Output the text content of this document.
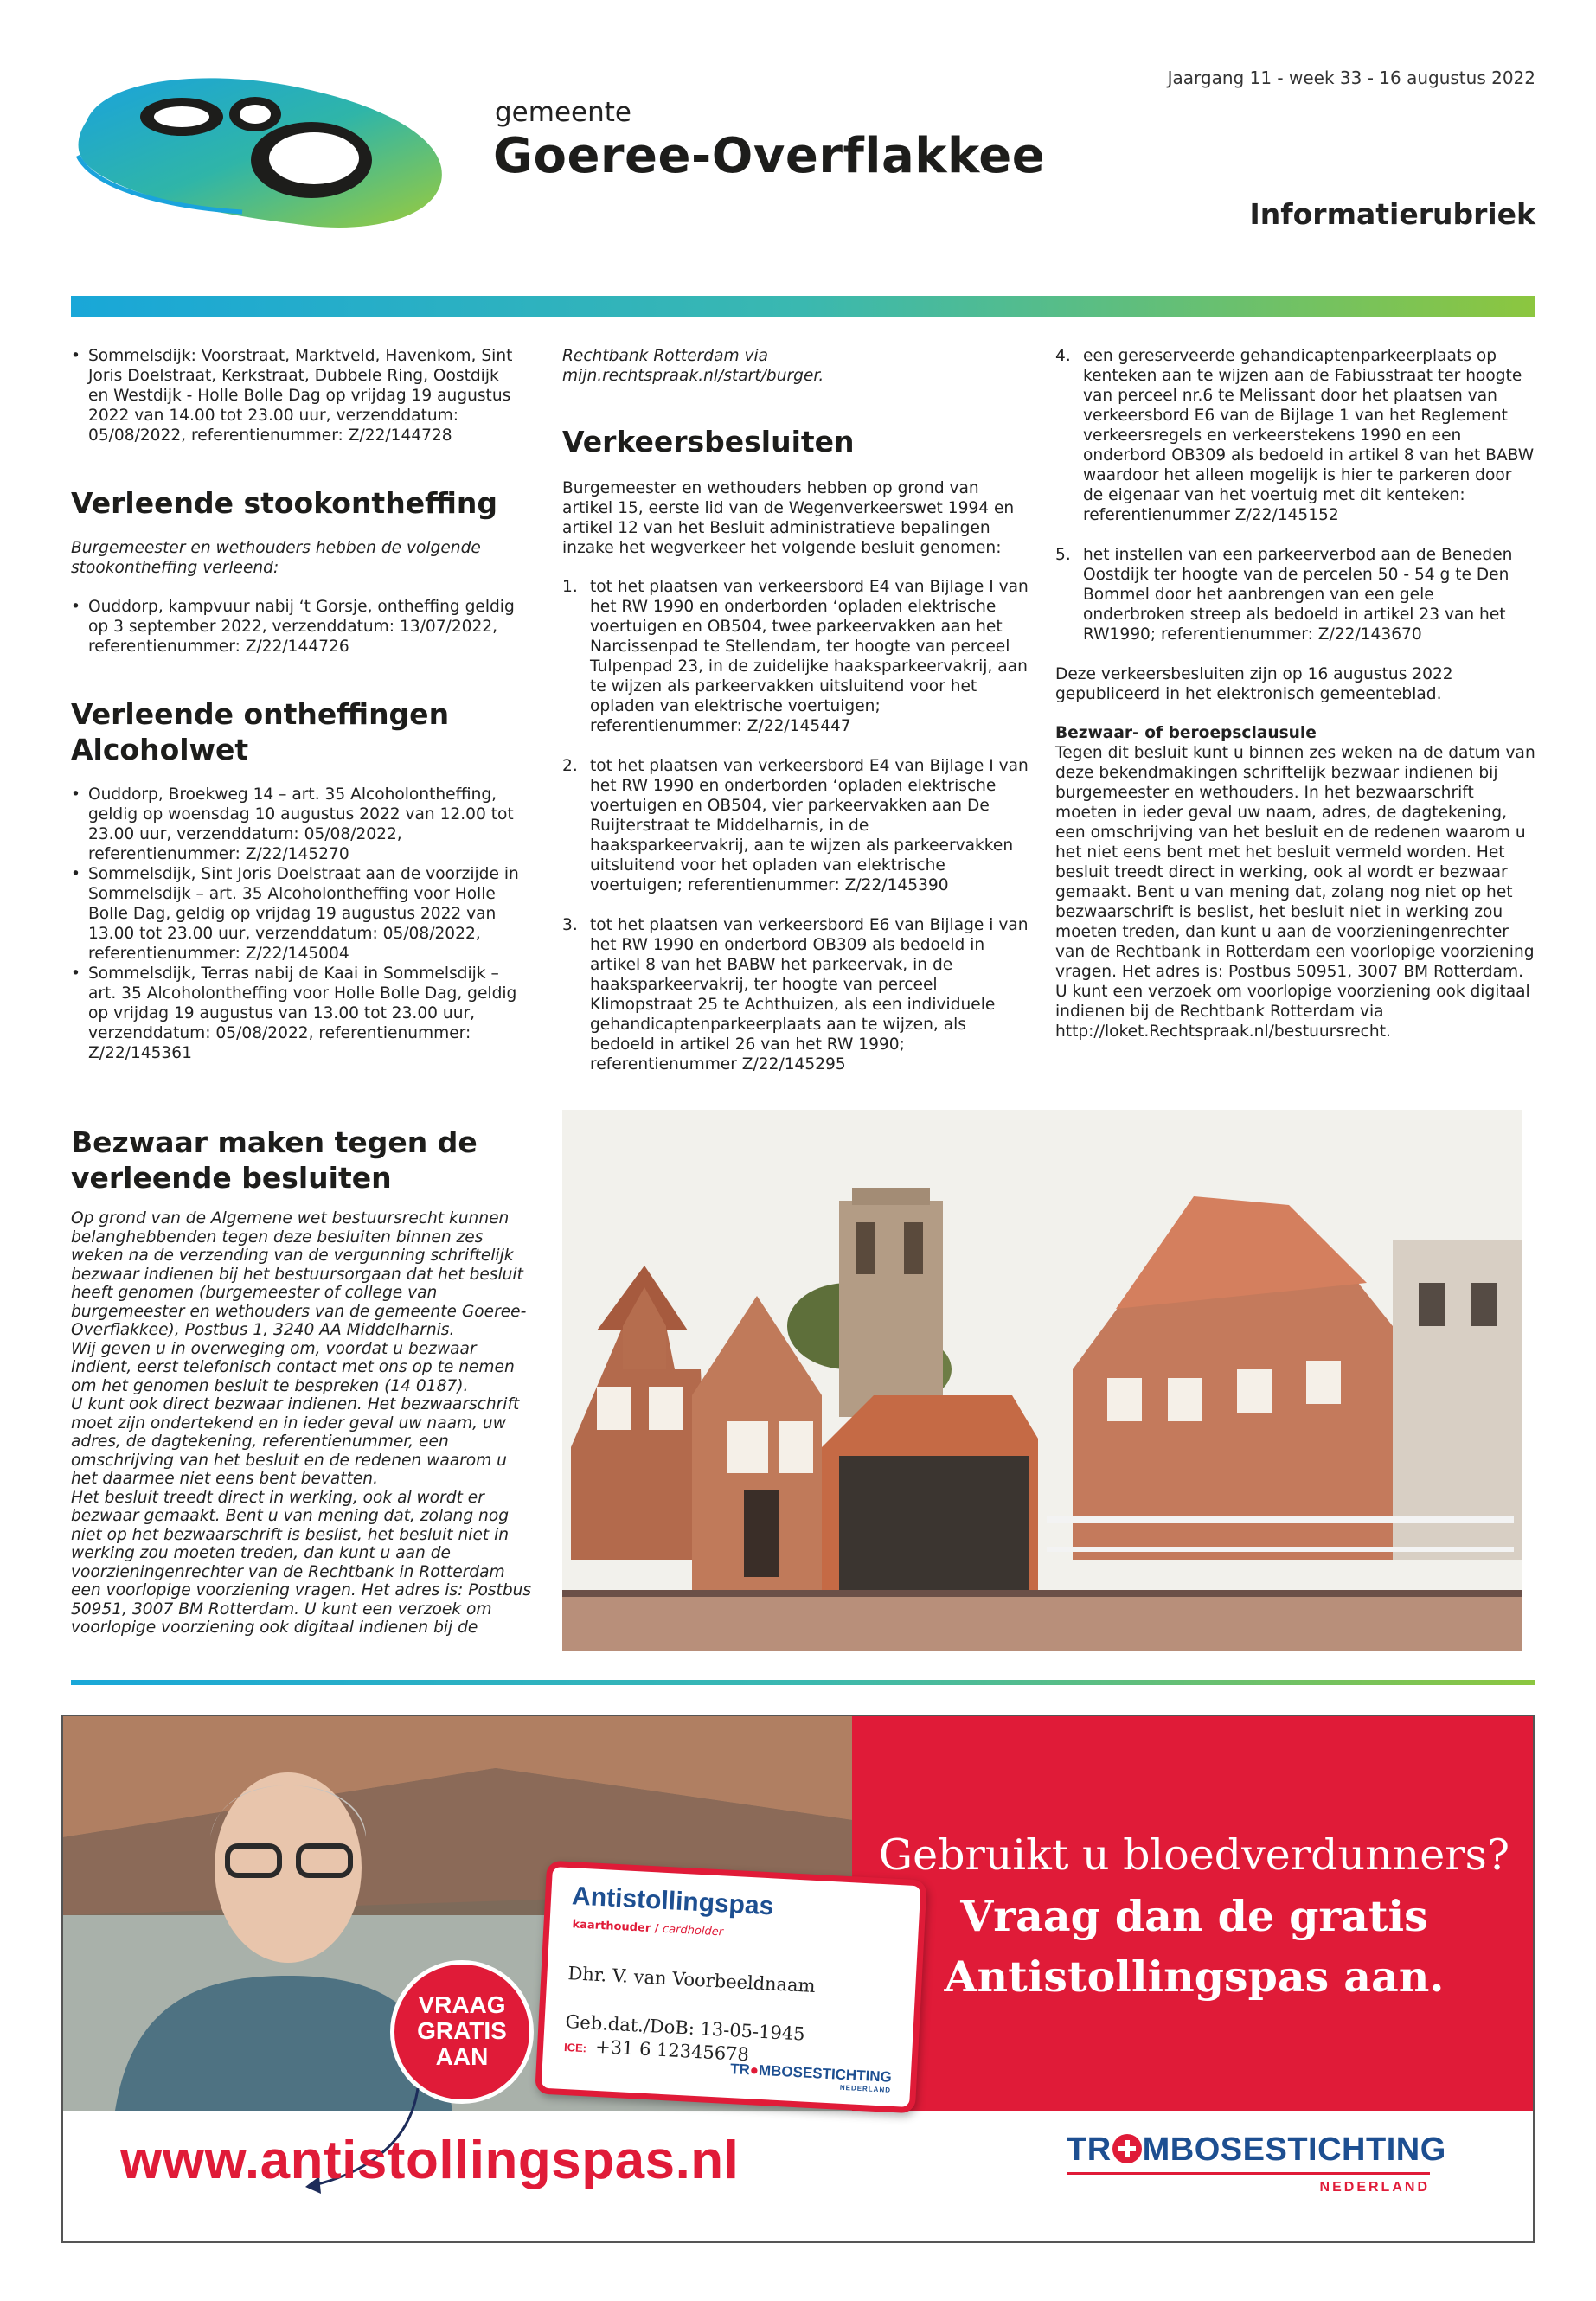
Jaargang 11 - week 33 - 16 augustus 2022
gemeente
Goeree-Overflakkee
Informatierubriek
• Sommelsdijk: Voorstraat, Marktveld, Havenkom, Sint Joris Doelstraat, Kerkstraat, Dubbele Ring, Oostdijk en Westdijk - Holle Bolle Dag op vrijdag 19 augustus 2022 van 14.00 tot 23.00 uur, verzenddatum: 05/08/2022, referentienummer: Z/22/144728
Verleende stookontheffing

Burgemeester en wethouders hebben de volgende stookontheffing verleend:

• Ouddorp, kampvuur nabij ‘t Gorsje, ontheffing geldig op 3 september 2022, verzenddatum: 13/07/2022, referentienummer: Z/22/144726
Verleende ontheffingen Alcoholwet
• Ouddorp, Broekweg 14 – art. 35 Alcoholontheffing, geldig op woensdag 10 augustus 2022 van 12.00 tot 23.00 uur, verzenddatum: 05/08/2022, referentienummer: Z/22/145270
• Sommelsdijk, Sint Joris Doelstraat aan de voorzijde in Sommelsdijk – art. 35 Alcoholontheffing voor Holle Bolle Dag, geldig op vrijdag 19 augustus 2022 van 13.00 tot 23.00 uur, verzenddatum: 05/08/2022, referentienummer: Z/22/145004
• Sommelsdijk, Terras nabij de Kaai in Sommelsdijk – art. 35 Alcoholontheffing voor Holle Bolle Dag, geldig op vrijdag 19 augustus van 13.00 tot 23.00 uur, verzenddatum: 05/08/2022, referentienummer: Z/22/145361

Rechtbank Rotterdam via mijn.rechtspraak.nl/start/burger.

Verkeersbesluiten

Burgemeester en wethouders hebben op grond van artikel 15, eerste lid van de Wegenverkeerswet 1994 en artikel 12 van het Besluit administratieve bepalingen inzake het wegverkeer het volgende besluit genomen:

1. tot het plaatsen van verkeersbord E4 van Bijlage I van het RW 1990 en onderborden ‘opladen elektrische voertuigen en OB504, twee parkeervakken aan het Narcissenpad te Stellendam, ter hoogte van perceel Tulpenpad 23, in de zuidelijke haaksparkeervakrij, aan te wijzen als parkeervakken uitsluitend voor het opladen van elektrische voertuigen; referentienummer: Z/22/145447
2. tot het plaatsen van verkeersbord E4 van Bijlage I van het RW 1990 en onderborden ‘opladen elektrische voertuigen en OB504, vier parkeervakken aan De Ruijterstraat te Middelharnis, in de haaksparkeervakrij, aan te wijzen als parkeervakken uitsluitend voor het opladen van elektrische voertuigen; referentienummer: Z/22/145390
3. tot het plaatsen van verkeersbord E6 van Bijlage i van het RW 1990 en onderbord OB309 als bedoeld in artikel 8 van het BABW het parkeervak, in de haaksparkeervakrij, ter hoogte van perceel Klimopstraat 25 te Achthuizen, als een individuele gehandicaptenparkeerplaats aan te wijzen, als bedoeld in artikel 26 van het RW 1990; referentienummer Z/22/145295
4. een gereserveerde gehandicaptenparkeerplaats op kenteken aan te wijzen aan de Fabiusstraat ter hoogte van perceel nr.6 te Melissant door het plaatsen van verkeersbord E6 van de Bijlage 1 van het Reglement verkeersregels en verkeerstekens 1990 en een onderbord OB309 als bedoeld in artikel 8 van het BABW waardoor het alleen mogelijk is hier te parkeren door de eigenaar van het voertuig met dit kenteken: referentienummer Z/22/145152
5. het instellen van een parkeerverbod aan de Beneden Oostdijk ter hoogte van de percelen 50 - 54 g te Den Bommel door het aanbrengen van een gele onderbroken streep als bedoeld in artikel 23 van het RW1990; referentienummer: Z/22/143670

Deze verkeersbesluiten zijn op 16 augustus 2022 gepubliceerd in het elektronisch gemeenteblad.

Bezwaar- of beroepsclausule

Tegen dit besluit kunt u binnen zes weken na de datum van deze bekendmakingen schriftelijk bezwaar indienen bij burgemeester en wethouders. In het bezwaarschrift moeten in ieder geval uw naam, adres, de dagtekening, een omschrijving van het besluit en de redenen waarom u het niet eens bent met het besluit vermeld worden. Het besluit treedt direct in werking, ook al wordt er bezwaar gemaakt. Bent u van mening dat, zolang nog niet op het bezwaarschrift is beslist, het besluit niet in werking zou moeten treden, dan kunt u aan de voorzieningenrechter van de Rechtbank in Rotterdam een voorlopige voorziening vragen. Het adres is: Postbus 50951, 3007 BM Rotterdam. U kunt een verzoek om voorlopige voorziening ook digitaal indienen bij de Rechtbank Rotterdam via http://loket.Rechtspraak.nl/bestuursrecht.

Bezwaar maken tegen de verleende besluiten

Op grond van de Algemene wet bestuursrecht kunnen belanghebbenden tegen deze besluiten binnen zes weken na de verzending van de vergunning schriftelijk bezwaar indienen bij het bestuursorgaan dat het besluit heeft genomen (burgemeester of college van burgemeester en wethouders van de gemeente Goeree-Overflakkee), Postbus 1, 3240 AA Middelharnis.
Wij geven u in overweging om, voordat u bezwaar indient, eerst telefonisch contact met ons op te nemen om het genomen besluit te bespreken (14 0187).
U kunt ook direct bezwaar indienen. Het bezwaarschrift moet zijn ondertekend en in ieder geval uw naam, uw adres, de dagtekening, referentienummer, een omschrijving van het besluit en de redenen waarom u het daarmee niet eens bent bevatten.
Het besluit treedt direct in werking, ook al wordt er bezwaar gemaakt. Bent u van mening dat, zolang nog niet op het bezwaarschrift is beslist, het besluit niet in werking zou moeten treden, dan kunt u aan de voorzieningenrechter van de Rechtbank in Rotterdam een voorlopige voorziening vragen. Het adres is: Postbus 50951, 3007 BM Rotterdam. U kunt een verzoek om voorlopige voorziening ook digitaal indienen bij de

Gebruikt u bloedverdunners?
Vraag dan de gratis
Antistollingspas aan.
VRAAG
GRATIS
AAN
Antistollingspas
kaarthouder / cardholder
Dhr. V. van Voorbeeldnaam
Geb.dat./DoB: 13-05-1945
ICE: +31 6 12345678
TR●MBOSESTICHTING
NEDERLAND
www.antistollingspas.nl	TR MBOSESTICHTING
NEDERLAND
